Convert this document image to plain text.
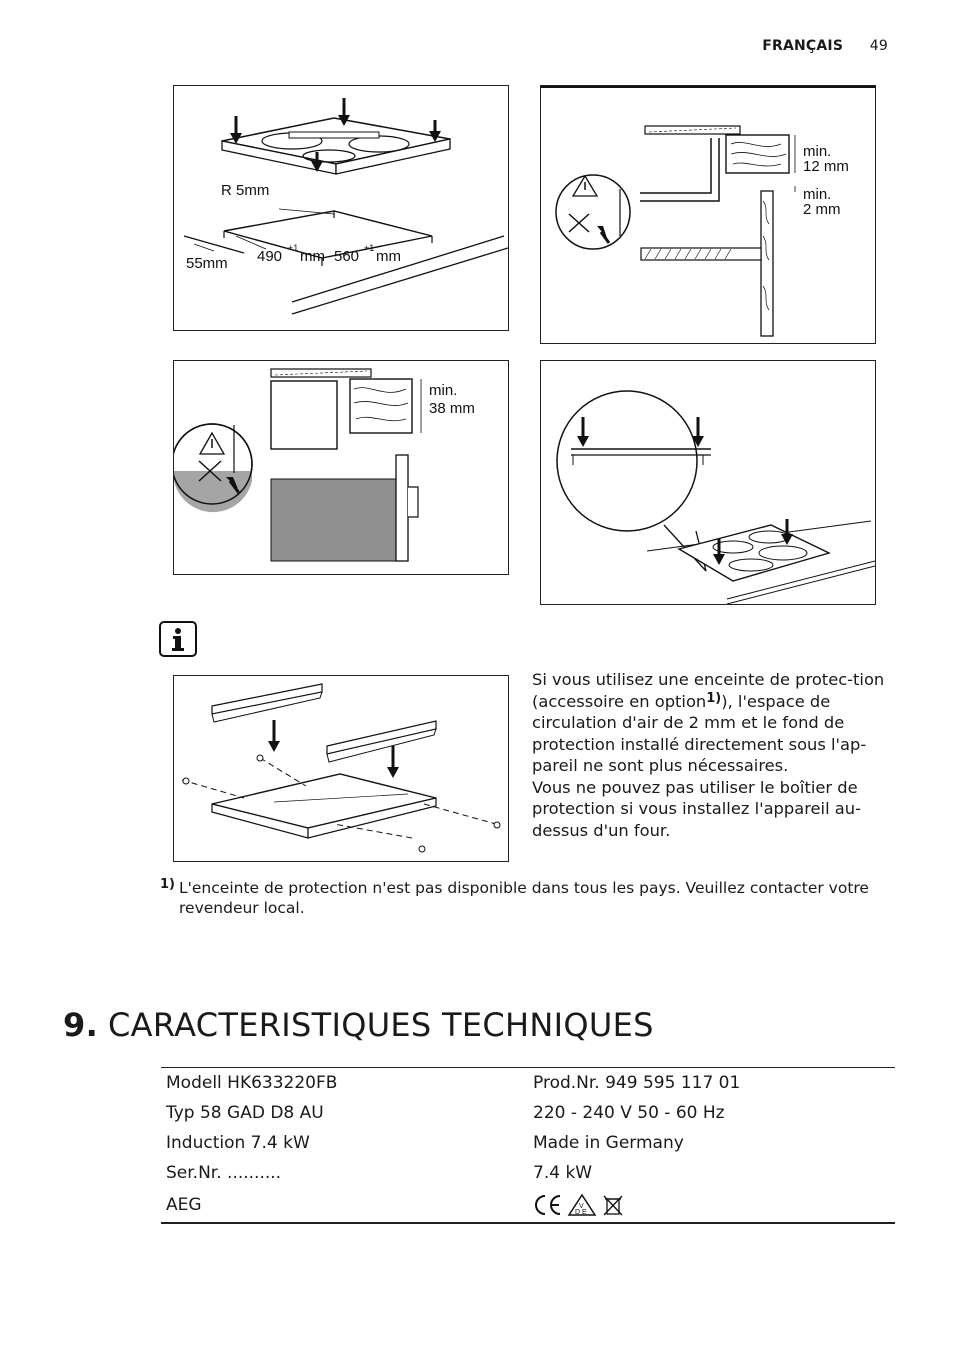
FRANÇAIS 49
R 5mm
55mm 490 +1 mm 560 +1 mm
min.
12 mm
min.
2 mm
min.
38 mm
Si vous utilisez une enceinte de protec-tion (accessoire en option$^{1)}$), l'espace de circulation d'air de 2 mm et le fond de protection installé directement sous l'ap-pareil ne sont plus nécessaires.
Vous ne pouvez pas utiliser le boîtier de protection si vous installez l'appareil au-dessus d'un four.
1) L'enceinte de protection n'est pas disponible dans tous les pays. Veuillez contacter votre revendeur local.
9. CARACTERISTIQUES TECHNIQUES
Modell HK633220FB	Prod.Nr. 949 595 117 01
Typ 58 GAD D8 AU	220 - 240 V 50 - 60 Hz
Induction 7.4 kW	Made in Germany
Ser.Nr. ..........	7.4 kW
AEG	V
D E
